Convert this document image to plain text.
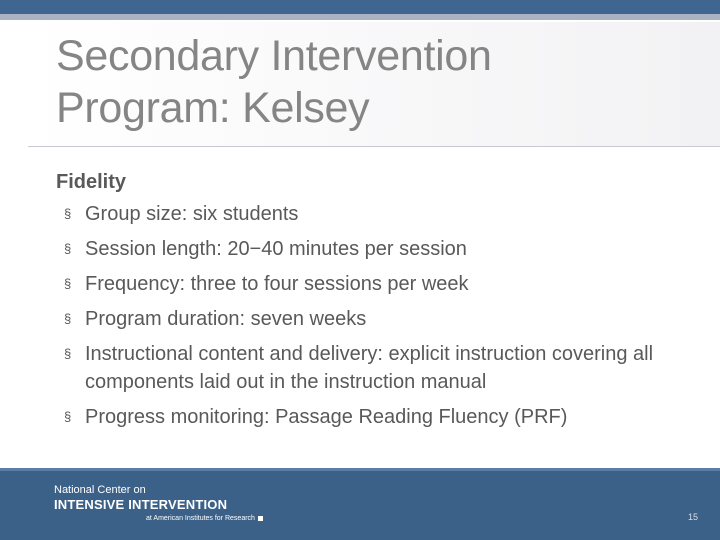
Secondary Intervention
Program: Kelsey

Fidelity

§ Group size: six students
§ Session length: 20−40 minutes per session
§ Frequency: three to four sessions per week
§ Program duration: seven weeks
§ Instructional content and delivery: explicit instruction covering all components laid out in the instruction manual
§ Progress monitoring: Passage Reading Fluency (PRF)
National Center on
INTENSIVE INTERVENTION
at American Institutes for Research	15
